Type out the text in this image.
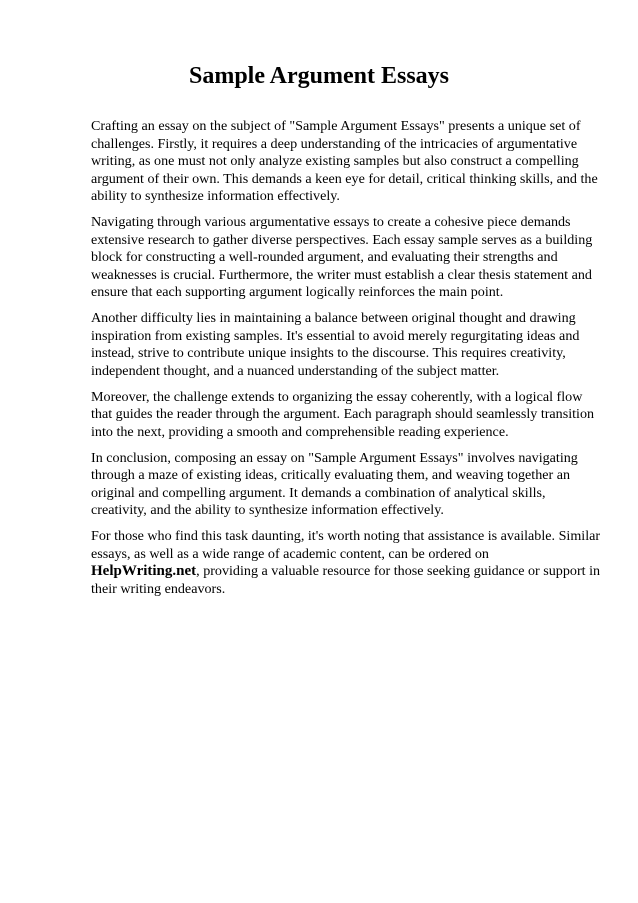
Sample Argument Essays

Crafting an essay on the subject of "Sample Argument Essays" presents a unique set of challenges. Firstly, it requires a deep understanding of the intricacies of argumentative writing, as one must not only analyze existing samples but also construct a compelling argument of their own. This demands a keen eye for detail, critical thinking skills, and the ability to synthesize information effectively.

Navigating through various argumentative essays to create a cohesive piece demands extensive research to gather diverse perspectives. Each essay sample serves as a building block for constructing a well-rounded argument, and evaluating their strengths and weaknesses is crucial. Furthermore, the writer must establish a clear thesis statement and ensure that each supporting argument logically reinforces the main point.

Another difficulty lies in maintaining a balance between original thought and drawing inspiration from existing samples. It's essential to avoid merely regurgitating ideas and instead, strive to contribute unique insights to the discourse. This requires creativity, independent thought, and a nuanced understanding of the subject matter.

Moreover, the challenge extends to organizing the essay coherently, with a logical flow that guides the reader through the argument. Each paragraph should seamlessly transition into the next, providing a smooth and comprehensible reading experience.

In conclusion, composing an essay on "Sample Argument Essays" involves navigating through a maze of existing ideas, critically evaluating them, and weaving together an original and compelling argument. It demands a combination of analytical skills, creativity, and the ability to synthesize information effectively.

For those who find this task daunting, it's worth noting that assistance is available. Similar essays, as well as a wide range of academic content, can be ordered on HelpWriting.net, providing a valuable resource for those seeking guidance or support in their writing endeavors.
